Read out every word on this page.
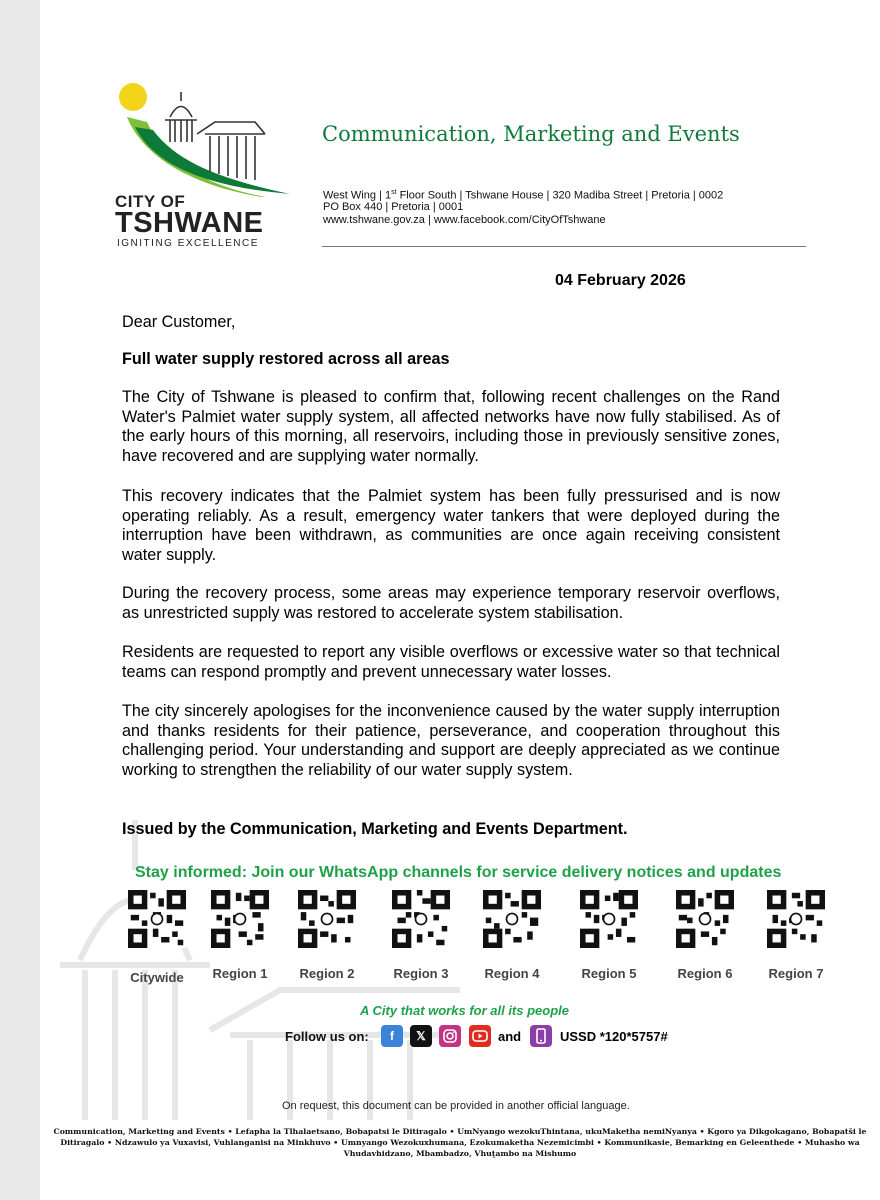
CITY OF
TSHWANE
IGNITING EXCELLENCE
Communication, Marketing and Events
West Wing | 1st Floor South | Tshwane House | 320 Madiba Street | Pretoria | 0002
PO Box 440 | Pretoria | 0001
www.tshwane.gov.za | www.facebook.com/CityOfTshwane
04 February 2026
Dear Customer,
Full water supply restored across all areas
The City of Tshwane is pleased to confirm that, following recent challenges on the Rand Water's Palmiet water supply system, all affected networks have now fully stabilised. As of the early hours of this morning, all reservoirs, including those in previously sensitive zones, have recovered and are supplying water normally.
This recovery indicates that the Palmiet system has been fully pressurised and is now operating reliably. As a result, emergency water tankers that were deployed during the interruption have been withdrawn, as communities are once again receiving consistent water supply.
During the recovery process, some areas may experience temporary reservoir overflows, as unrestricted supply was restored to accelerate system stabilisation.
Residents are requested to report any visible overflows or excessive water so that technical teams can respond promptly and prevent unnecessary water losses.
The city sincerely apologises for the inconvenience caused by the water supply interruption and thanks residents for their patience, perseverance, and cooperation throughout this challenging period. Your understanding and support are deeply appreciated as we continue working to strengthen the reliability of our water supply system.
Issued by the Communication, Marketing and Events Department.
Stay informed: Join our WhatsApp channels for service delivery notices and updates
Citywide	Region 1	Region 2	Region 3	Region 4	Region 5	Region 6	Region 7
A City that works for all its people
Follow us on:	f	𝕏	and	USSD *120*5757#
On request, this document can be provided in another official language.
Communication, Marketing and Events • Lefapha la Tlhalaetsano, Bobapatsi le Ditiragalo • UmNyango wezokuThintana, ukuMaketha nemiNyanya • Kgoro ya Dikgokagano, Bobapatši le Ditiragalo • Ndzawulo ya Vuxavisi, Vuhlanganisi na Minkhuvo • Umnyango Wezokuxhumana, Ezokumaketha Nezemicimbi • Kommunikasie, Bemarking en Geleenthede • Muhasho wa Vhudavhidzano, Mbambadzo, Vhuṱambo na Mishumo
